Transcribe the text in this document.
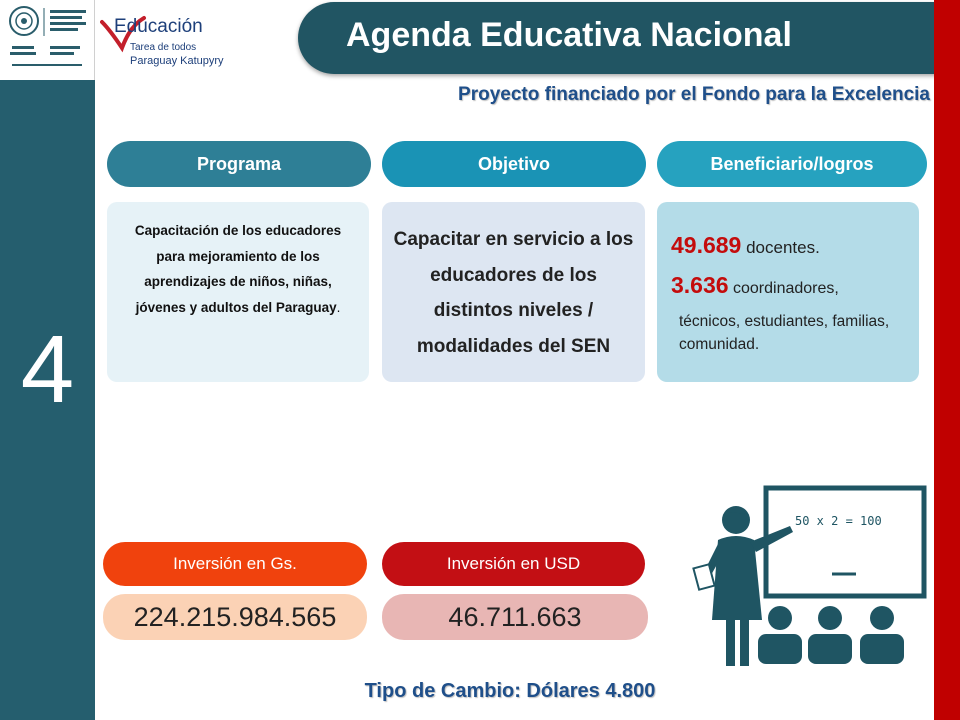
4
Educación
Tarea de todos
Paraguay Katupyry
Agenda Educativa Nacional
Proyecto financiado por el Fondo para la Excelencia
Programa	Objetivo	Beneficiario/logros

Capacitación de los educadores para mejoramiento de los aprendizajes de niños, niñas, jóvenes y adultos del Paraguay.

Capacitar en servicio a los educadores de los distintos niveles / modalidades del SEN

49.689 docentes.
3.636 coordinadores,
técnicos, estudiantes, familias, comunidad.
Inversión en Gs.	Inversión en USD
224.215.984.565	46.711.663
50 x 2 = 100
Tipo de Cambio: Dólares 4.800
